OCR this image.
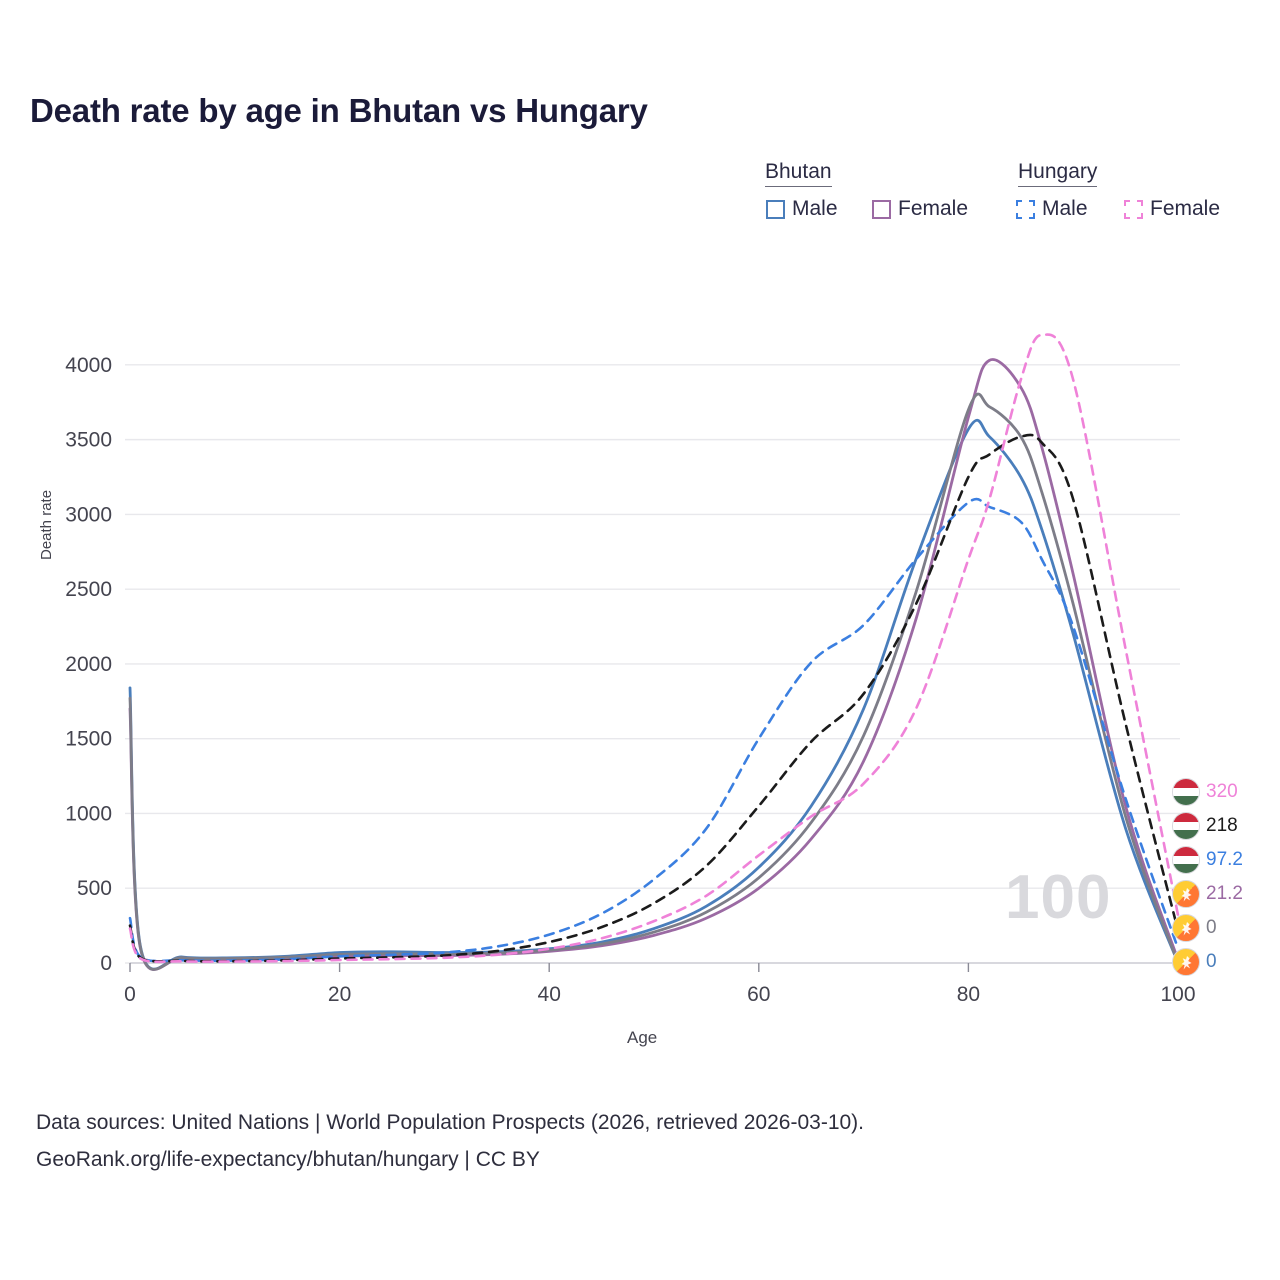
Death rate by age in Bhutan vs Hungary
Bhutan	Hungary
Male	Female	Male	Female
0
500
1000
1500
2000
2500
3000
3500
4000
0	20	40	60	80	100
Death rate
Age
100
320
218
97.2
21.2
0
0
Data sources: United Nations | World Population Prospects (2026, retrieved 2026-03-10).
GeoRank.org/life-expectancy/bhutan/hungary | CC BY
